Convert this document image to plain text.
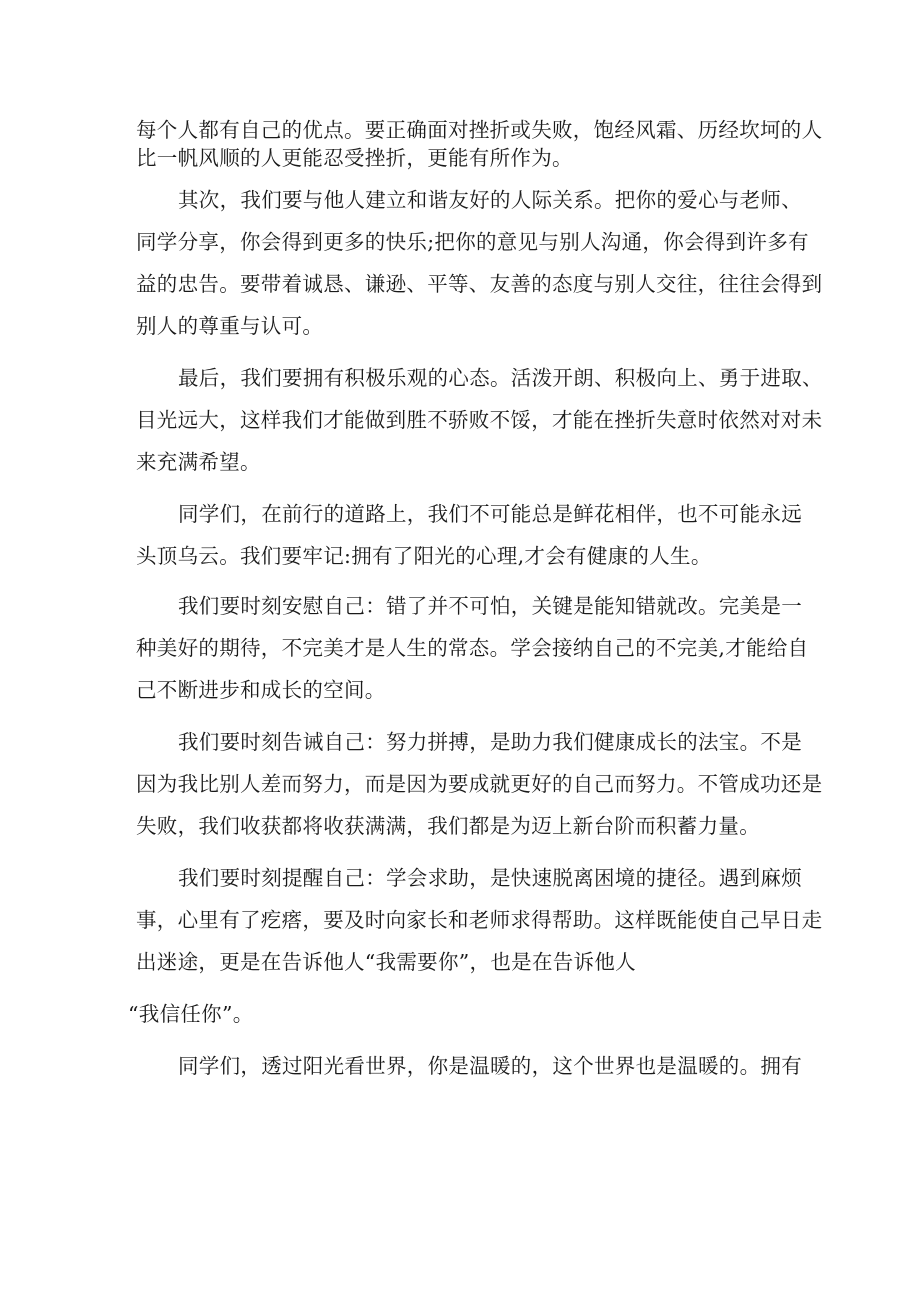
每个人都有自己的优点。要正确面对挫折或失败，饱经风霜、历经坎坷的人
比一帆风顺的人更能忍受挫折，更能有所作为。
其次，我们要与他人建立和谐友好的人际关系。把你的爱心与老师、
同学分享，你会得到更多的快乐;把你的意见与别人沟通，你会得到许多有
益的忠告。要带着诚恳、谦逊、平等、友善的态度与别人交往，往往会得到
别人的尊重与认可。
最后，我们要拥有积极乐观的心态。活泼开朗、积极向上、勇于进取、
目光远大，这样我们才能做到胜不骄败不馁，才能在挫折失意时依然对对未
来充满希望。
同学们，在前行的道路上，我们不可能总是鲜花相伴，也不可能永远
头顶乌云。我们要牢记:拥有了阳光的心理,才会有健康的人生。
我们要时刻安慰自己：错了并不可怕，关键是能知错就改。完美是一
种美好的期待，不完美才是人生的常态。学会接纳自己的不完美,才能给自
己不断进步和成长的空间。
我们要时刻告诫自己：努力拼搏，是助力我们健康成长的法宝。不是
因为我比别人差而努力，而是因为要成就更好的自己而努力。不管成功还是
失败，我们收获都将收获满满，我们都是为迈上新台阶而积蓄力量。
我们要时刻提醒自己：学会求助，是快速脱离困境的捷径。遇到麻烦
事，心里有了疙瘩，要及时向家长和老师求得帮助。这样既能使自己早日走
出迷途，更是在告诉他人“我需要你”，也是在告诉他人
“我信任你”。
同学们，透过阳光看世界，你是温暖的，这个世界也是温暖的。拥有
